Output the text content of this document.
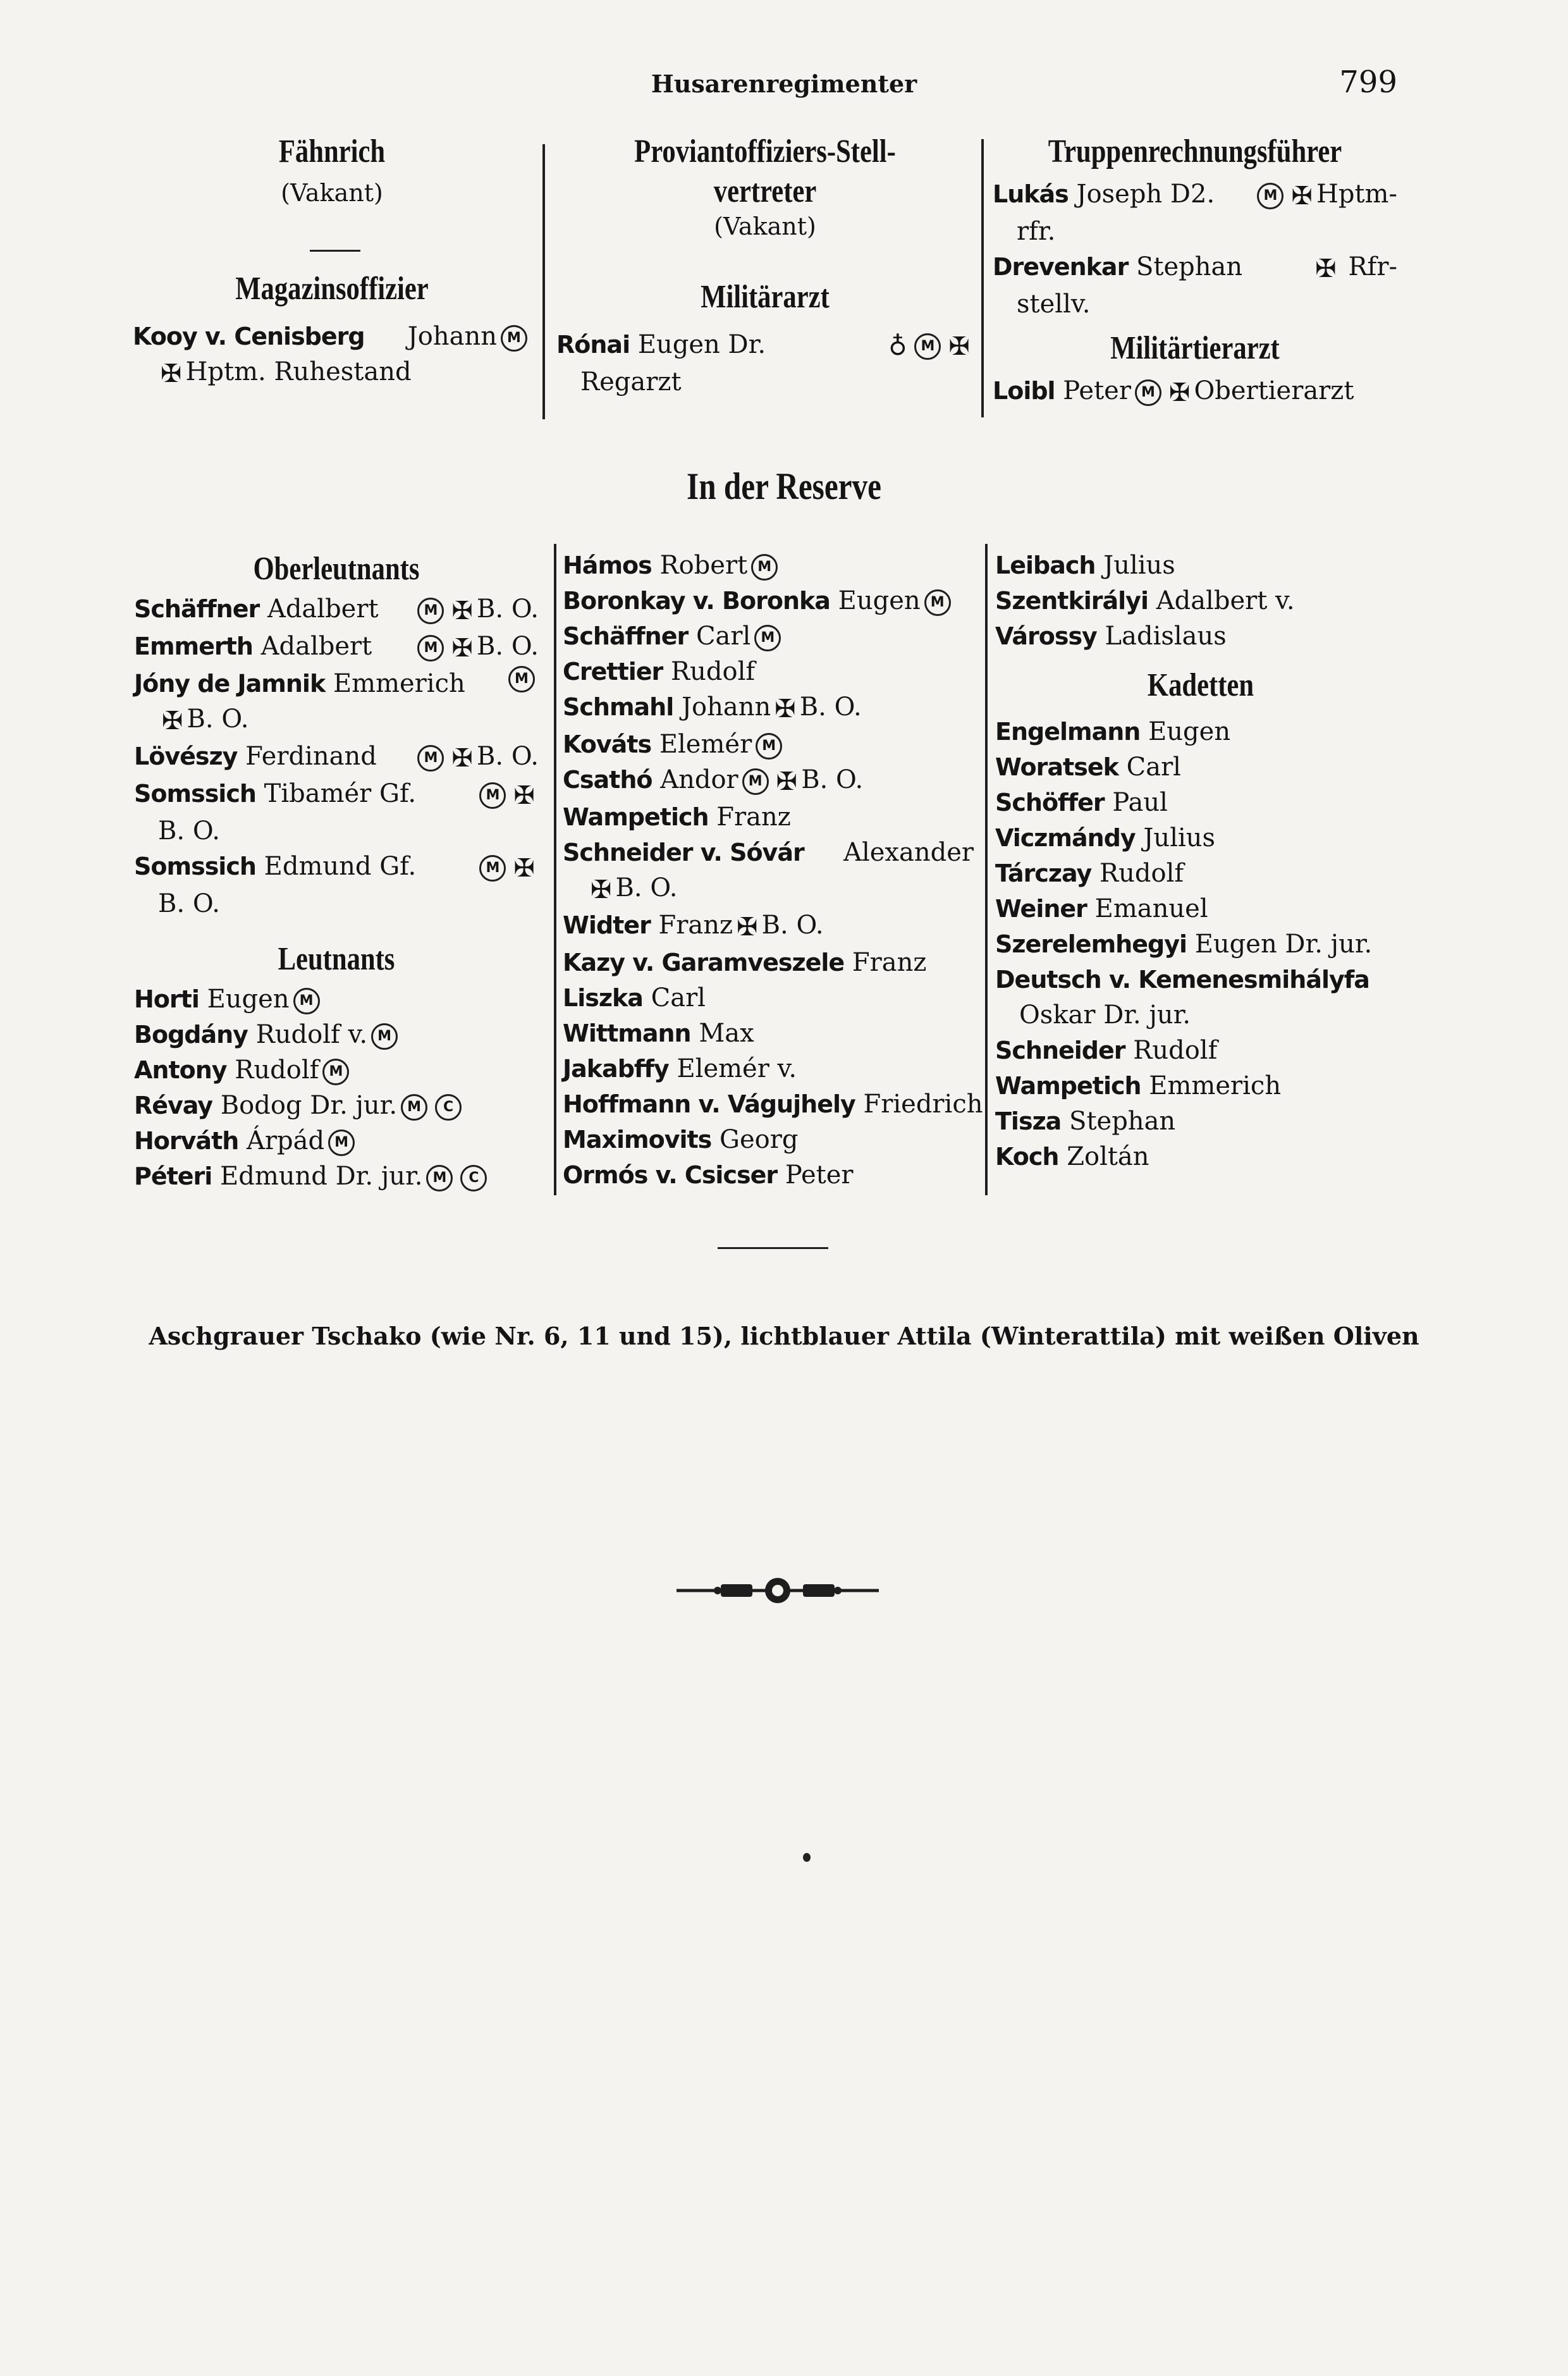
Husarenregimenter	799
Fähnrich
(Vakant)
Magazinsoffizier
Kooy v. Cenisberg Johann M
✠ Hptm. Ruhestand
Proviantoffiziers-Stell-
vertreter
(Vakant)
Militärarzt
Rónai Eugen Dr.	♁ M ✠
Regarzt
Truppenrechnungsführer
Lukás Joseph D2.	M ✠ Hptm-
rfr.
Drevenkar Stephan	✠ Rfr-
stellv.
Militärtierarzt
Loibl Peter M ✠ Obertierarzt
In der Reserve
Oberleutnants
Schäffner Adalbert	M ✠ B. O.
Emmerth Adalbert	M ✠ B. O.
Jóny de Jamnik Emmerich	M
✠ B. O.
Lövészy Ferdinand	M ✠ B. O.
Somssich Tibamér Gf.	M ✠
B. O.
Somssich Edmund Gf.	M ✠
B. O.
Leutnants
Horti Eugen M
Bogdány Rudolf v. M
Antony Rudolf M
Révay Bodog Dr. jur. M C
Horváth Árpád M
Péteri Edmund Dr. jur. M C
Hámos Robert M
Boronkay v. Boronka Eugen M
Schäffner Carl M
Crettier Rudolf
Schmahl Johann ✠ B. O.
Kováts Elemér M
Csathó Andor M ✠ B. O.
Wampetich Franz
Schneider v. Sóvár Alexander
✠ B. O.
Widter Franz ✠ B. O.
Kazy v. Garamveszele Franz
Liszka Carl
Wittmann Max
Jakabffy Elemér v.
Hoffmann v. Vágujhely Friedrich
Maximovits Georg
Ormós v. Csicser Peter
Leibach Julius
Szentkirályi Adalbert v.
Várossy Ladislaus
Kadetten
Engelmann Eugen
Woratsek Carl
Schöffer Paul
Viczmándy Julius
Tárczay Rudolf
Weiner Emanuel
Szerelemhegyi Eugen Dr. jur.
Deutsch v. Kemenesmihályfa
Oskar Dr. jur.
Schneider Rudolf
Wampetich Emmerich
Tisza Stephan
Koch Zoltán
Aschgrauer Tschako (wie Nr. 6, 11 und 15), lichtblauer Attila (Winterattila) mit weißen Oliven
